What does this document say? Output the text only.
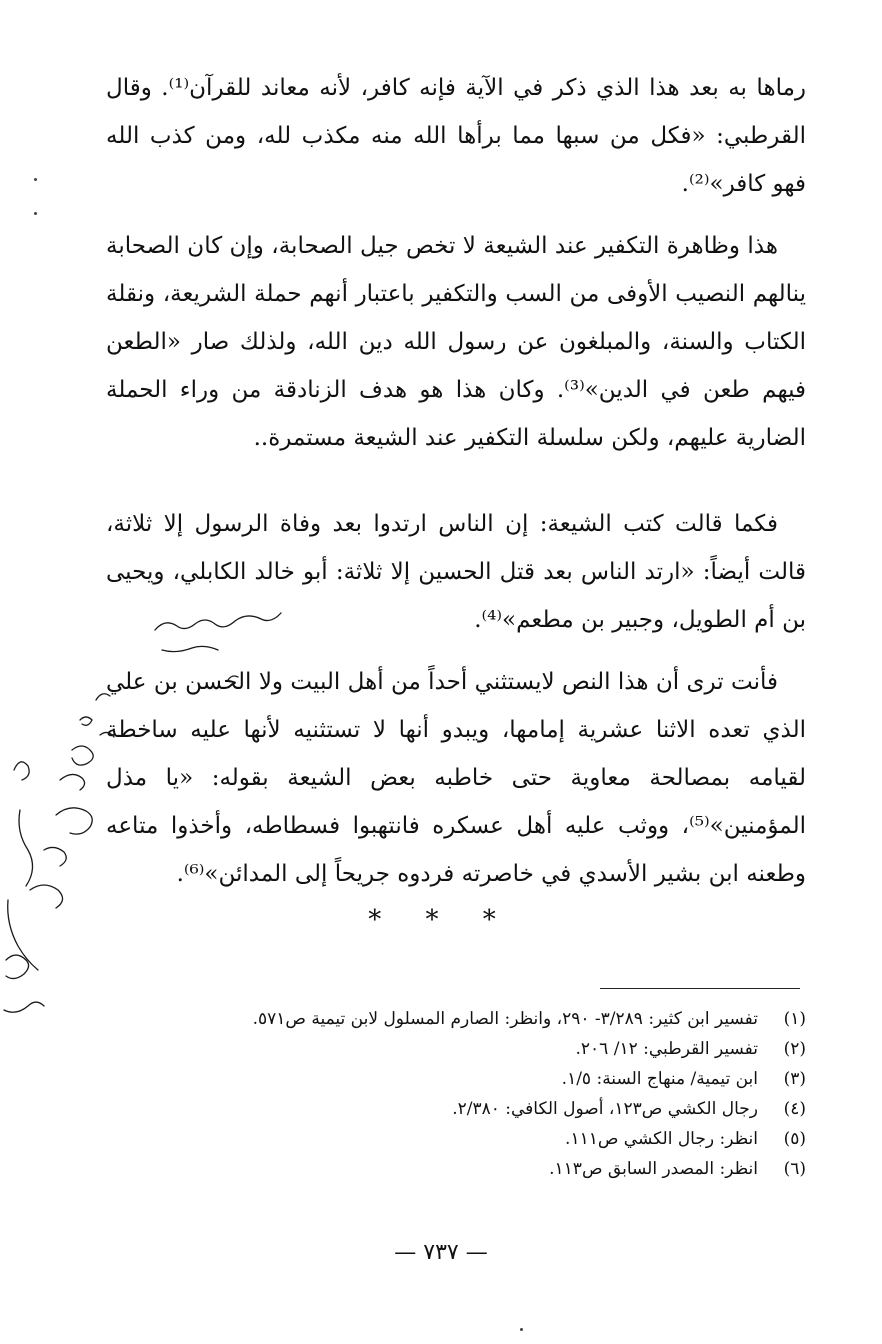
رماها به بعد هذا الذي ذكر في الآية فإنه كافر، لأنه معاند للقرآن⁽¹⁾. وقال القرطبي: «فكل من سبها مما برأها الله منه مكذب لله، ومن كذب الله فهو كافر»⁽²⁾.

هذا وظاهرة التكفير عند الشيعة لا تخص جيل الصحابة، وإن كان الصحابة ينالهم النصيب الأوفى من السب والتكفير باعتبار أنهم حملة الشريعة، ونقلة الكتاب والسنة، والمبلغون عن رسول الله دين الله، ولذلك صار «الطعن فيهم طعن في الدين»⁽³⁾. وكان هذا هو هدف الزنادقة من وراء الحملة الضارية عليهم، ولكن سلسلة التكفير عند الشيعة مستمرة..

فكما قالت كتب الشيعة: إن الناس ارتدوا بعد وفاة الرسول إلا ثلاثة، قالت أيضاً: «ارتد الناس بعد قتل الحسين إلا ثلاثة: أبو خالد الكابلي، ويحيى بن أم الطويل، وجبير بن مطعم»⁽⁴⁾.

فأنت ترى أن هذا النص لايستثني أحداً من أهل البيت ولا الحسن بن علي الذي تعده الاثنا عشرية إمامها، ويبدو أنها لا تستثنيه لأنها عليه ساخطة لقيامه بمصالحة معاوية حتى خاطبه بعض الشيعة بقوله: «يا مذل المؤمنين»⁽⁵⁾، ووثب عليه أهل عسكره فانتهبوا فسطاطه، وأخذوا متاعه وطعنه ابن بشير الأسدي في خاصرته فردوه جريحاً إلى المدائن»⁽⁶⁾.

* * *
(١)
تفسير ابن كثير: ٣/٢٨٩- ٢٩٠، وانظر: الصارم المسلول لابن تيمية ص٥٧١.
(٢)
تفسير القرطبي: ١٢/ ٢٠٦.
(٣)
ابن تيمية/ منهاج السنة: ١/٥.
(٤)
رجال الكشي ص١٢٣، أصول الكافي: ٢/٣٨٠.
(٥)
انظر: رجال الكشي ص١١١.
(٦)
انظر: المصدر السابق ص١١٣.
— ٧٣٧ —
